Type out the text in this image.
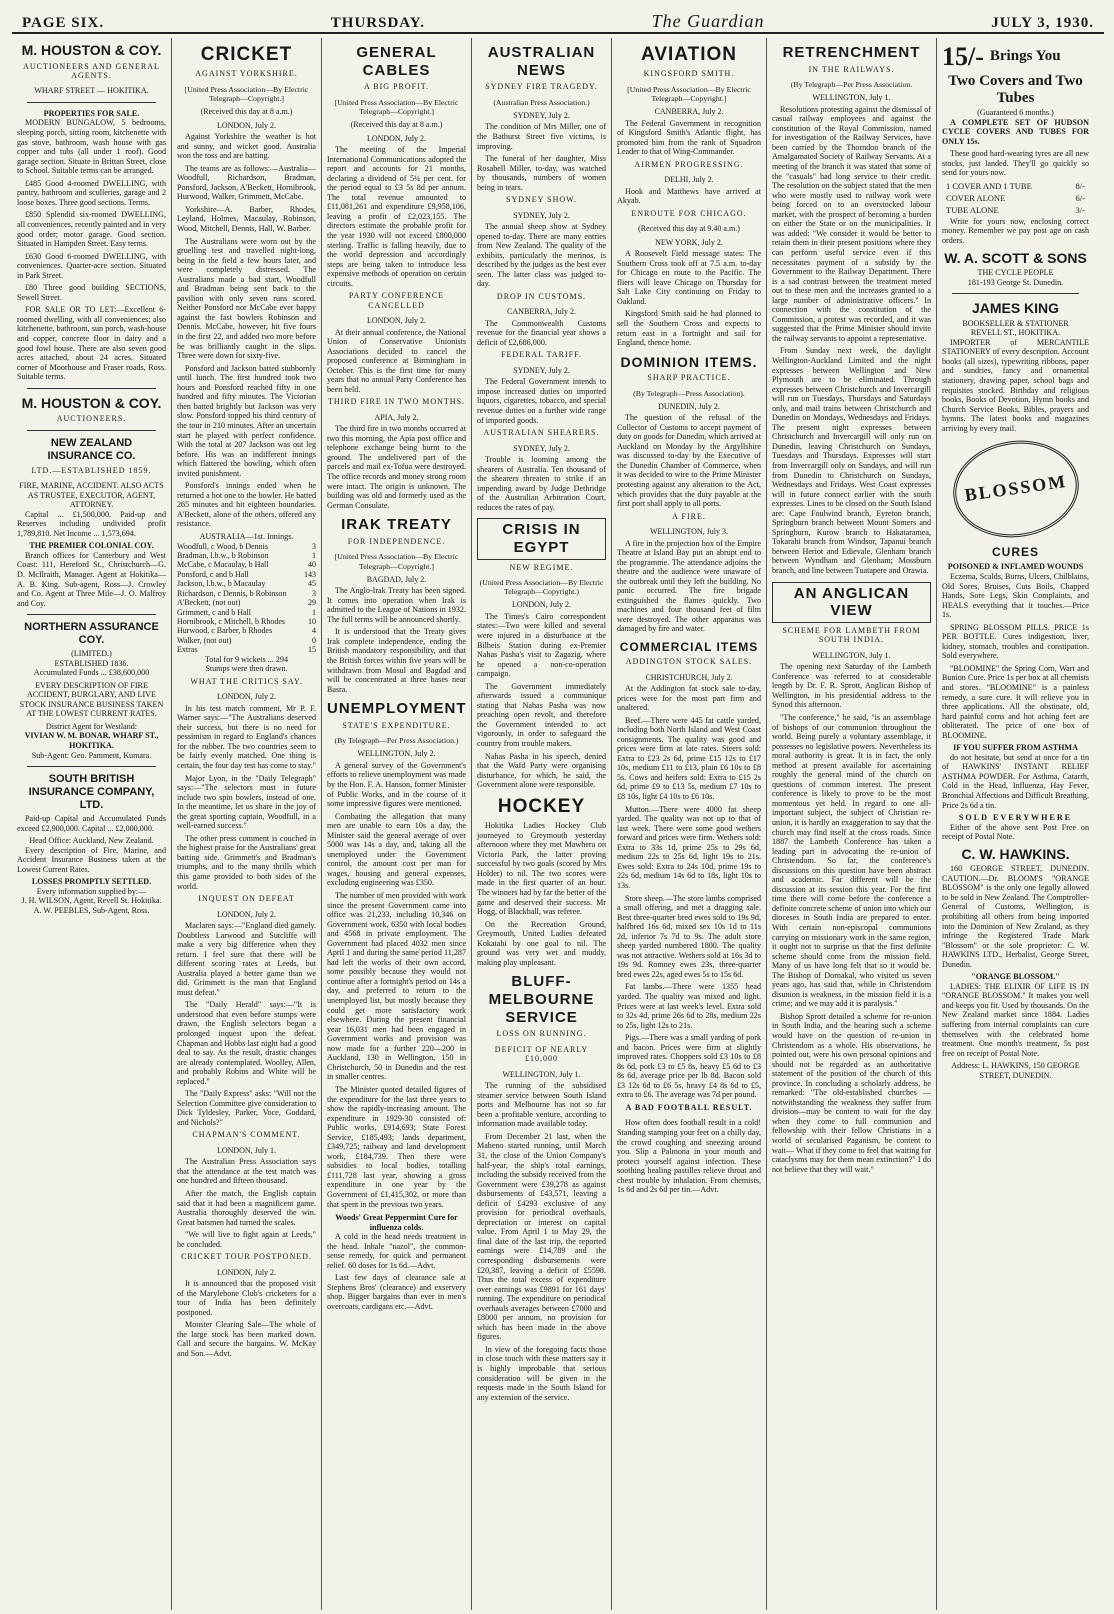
PAGE SIX.	THURSDAY.	The Guardian	JULY 3, 1930.
M. HOUSTON & COY.
AUCTIONEERS AND GENERAL AGENTS.
WHARF STREET — HOKITIKA.
PROPERTIES FOR SALE.

MODERN BUNGALOW, 5 bedrooms, sleeping porch, sitting room, kitchenette with gas stove, bathroom, wash house with gas copper and tubs (all under 1 roof). Good garage section. Situate in Brittan Street, close to School. Suitable terms can be arranged.

£485 Good 4-roomed DWELLING, with pantry, bathroom and sculleries, garage and 2 loose boxes. Three good sections. Terms.

£850 Splendid six-roomed DWELLING, all conveniences, recently painted and in very good order; motor garage. Good section. Situated in Hampden Street. Easy terms.

£630 Good 6-roomed DWELLING, with conveniences. Quarter-acre section. Situated in Park Street.

£80 Three good building SECTIONS, Sewell Street.

FOR SALE OR TO LET:—Excellent 6-roomed dwelling, with all conveniences; also kitchenette, bathroom, sun porch, wash-house and copper, concrete floor in dairy and a good fowl house. There are also seven good acres attached, about 24 acres. Situated corner of Moorhouse and Fraser roads, Ross. Suitable terms.

M. HOUSTON & COY.
AUCTIONEERS.
NEW ZEALAND INSURANCE CO.
LTD.—ESTABLISHED 1859.
FIRE, MARINE, ACCIDENT. ALSO ACTS AS TRUSTEE, EXECUTOR, AGENT, ATTORNEY.

Capital ... £1,500,000. Paid-up and Reserves including undivided profit 1,789,810. Net Income ... 1,573,694.

THE PREMIER COLONIAL COY.

Branch offices for Canterbury and West Coast: 111, Hereford St., Christchurch—G. D. McIlraith, Manager. Agent at Hokitika—A. B. King. Sub-agent, Ross—J. Crowley and Co. Agent at Three Mile—J. O. Malfroy and Coy.

NORTHERN ASSURANCE COY.
(LIMITED.)
ESTABLISHED 1836.
Accumulated Funds ... £38,600,000
EVERY DESCRIPTION OF FIRE ACCIDENT, BURGLARY, AND LIVE STOCK INSURANCE BUSINESS TAKEN AT THE LOWEST CURRENT RATES.
District Agent for Westland:
VIVIAN W. M. BONAR, WHARF ST., HOKITIKA.
Sub-Agent: Geo. Pamment, Kumara.
SOUTH BRITISH INSURANCE COMPANY, LTD.

Paid-up Capital and Accumulated Funds exceed £2,900,000. Capital ... £2,000,000.

Head Office: Auckland, New Zealand.

Every description of Fire, Marine, and Accident Insurance Business taken at the Lowest Current Rates.

LOSSES PROMPTLY SETTLED.
Every information supplied by:—
J. H. WILSON, Agent, Revell St. Hokitika.
A. W. PEEBLES, Sub-Agent, Ross.
CRICKET
AGAINST YORKSHIRE.
[United Press Association—By Electric Telegraph—Copyright.]
(Received this day at 8 a.m.)
LONDON, July 2.

Against Yorkshire the weather is hot and sunny, and wicket good. Australia won the toss and are batting.

The teams are as follows:—Australia—Woodfull, Richardson, Bradman, Ponsford, Jackson, A'Beckett, Hornibrook, Hurwood, Walker, Grimmett, McCabe.

Yorkshire—A. Barber, Rhodes, Leyland, Holmes, Macaulay, Robinson, Wood, Mitchell, Dennis, Hall, W. Barber.

The Australians were worn out by the gruelling test and travelled night-long, being in the field a few hours later, and were completely distressed. The Australians made a bad start, Woodfull and Bradman being sent back to the pavilion with only seven runs scored. Neither Ponsford nor McCabe ever happy against the fast bowlers Robinson and Dennis. McCabe, however, hit five fours in the first 22, and added two more before he was brilliantly caught in the slips. Three were down for sixty-five.

Ponsford and Jackson batted stubbornly until lunch. The first hundred took two hours and Ponsford reached fifty in one hundred and fifty minutes. The Victorian then batted brightly but Jackson was very slow. Ponsford topped his third century of the tour in 210 minutes. After an uncertain start he played with perfect confidence. With the total at 207 Jackson was out leg before. His was an indifferent innings which flattered the bowling, which often invited punishment.

Ponsford's innings ended when he returned a hot one to the bowler. He batted 265 minutes and hit eighteen boundaries. A'Beckett, alone of the others, offered any resistance.

AUSTRALIA—1st. Innings.
Woodfull, c Wood, b Dennis	3
Bradman, l.b.w., b Robinson	1
McCabe, c Macaulay, b Hall	40
Ponsford, c and b Hall	143
Jackson, l.b.w., b Macaulay	45
Richardson, c Dennis, b Robinson	3
A'Beckett, (not out)	29
Grimmett, c and b Hall	1
Hornibrook, c Mitchell, b Rhodes	10
Hurwood, c Barber, b Rhodes	4
Walker, (not out)	0
Extras	15
Total for 9 wickets ... 294
Stumps were then drawn.
WHAT THE CRITICS SAY.
LONDON, July 2.

In his test match comment, Mr P. F. Warner says:—"The Australians deserved their success, but there is no need for pessimism in regard to England's chances for the rubber. The two countries seem to be fairly evenly matched. One thing is certain, the four day test has come to stay."

Major Lyon, in the "Daily Telegraph" says:—"The selectors must in future include two spin bowlers, instead of one. In the meantime, let us share in the joy of the great sporting captain, Woodfull, in a well-earned success."

The other press comment is couched in the highest praise for the Australians' great batting side. Grimmett's and Bradman's triumphs, and to the many thrills which this game provided to both sides of the world.

INQUEST ON DEFEAT
LONDON, July 2.

Maclaren says:—"England died gamely. Doubtless Larwood and Sutcliffe will make a very big difference when they return. I feel sure that there will be different scoring rates at Leeds, but Australia played a better game than we did. Grimmett is the man that England must defeat."

The "Daily Herald" says:—"It is understood that even before stumps were drawn, the English selectors began a prolonged inquest upon the defeat. Chapman and Hobbs last night had a good deal to say. As the result, drastic changes are already contemplated. Woolley, Allen, and probably Robins and White will be replaced."

The "Daily Express" asks: "Will not the Selection Committee give consideration to Dick Tyldesley, Parker, Voce, Goddard, and Nichols?"

CHAPMAN'S COMMENT.
LONDON, July 1.

The Australian Press Association says that the attendance at the test match was one hundred and fifteen thousand.

After the match, the English captain said that it had been a magnificent game. Australia thoroughly deserved the win. Great batsmen had turned the scales.

"We will live to fight again at Leeds," he concluded.

CRICKET TOUR POSTPONED.
LONDON, July 2.

It is announced that the proposed visit of the Marylebone Club's cricketers for a tour of India has been definitely postponed.

Monster Clearing Sale—The whole of the large stock has been marked down. Call and secure the bargains. W. McKay and Son.—Advt.

GENERAL CABLES
A BIG PROFIT.
[United Press Association—By Electric Telegraph—Copyright.]
(Received this day at 8 a.m.)
LONDON, July 2.

The meeting of the Imperial International Communications adopted the report and accounts for 21 months, declaring a dividend of 5¼ per cent. for the period equal to £3 5s 8d per annum. The total revenue amounted to £11,081,261 and expenditure £9,958,106, leaving a profit of £2,023,155. The directors estimate the probable profit for the year 1930 will not exceed £800,000 sterling. Traffic is falling heavily, due to the world depression and accordingly steps are being taken to introduce less expensive methods of operation on certain circuits.

PARTY CONFERENCE CANCELLED
LONDON, July 2.

At their annual conference, the National Union of Conservative Unionists Associations decided to cancel the proposed conference at Birmingham in October. This is the first time for many years that no annual Party Conference has been held.

THIRD FIRE IN TWO MONTHS.
APIA, July 2.

The third fire in two months occurred at two this morning, the Apia post office and telephone exchange being burnt to the ground. The undelivered part of the parcels and mail ex-Tofua were destroyed. The office records and money strong room were intact. The origin is unknown. The building was old and formerly used as the German Consulate.

IRAK TREATY
FOR INDEPENDENCE.
[United Press Association—By Electric Telegraph—Copyright.]
BAGDAD, July 2.

The Anglo-Irak Treaty has been signed. It comes into operation when Irak is admitted to the League of Nations in 1932. The full terms will be announced shortly.

It is understood that the Treaty gives Irak complete independence, ending the British mandatory responsibility, and that the British forces within five years will be withdrawn from Mosul and Bagdad and will be concentrated at three bases near Basra.

UNEMPLOYMENT
STATE'S EXPENDITURE.
(By Telegraph—Per Press Association.)
WELLINGTON, July 2.

A general survey of the Government's efforts to relieve unemployment was made by the Hon. F. A. Hanson, former Minister of Public Works, and in the course of it some impressive figures were mentioned.

Combating the allegation that many men are unable to earn 10s a day, the Minister said the general average of over 5000 was 14s a day, and, taking all the unemployed under the Government control, the amount cost per man for wages, housing and general expenses, excluding engineering was £350.

The number of men provided with work since the present Government came into office was 21,233, including 10,346 on Government work, 6350 with local bodies and 4568 in private employment. The Government had placed 4032 men since April 1 and during the same period 11,287 had left the works of their own accord, some possibly because they would not continue after a fortnight's period on 14s a day, and preferred to return to the unemployed list, but mostly because they could get more satisfactory work elsewhere. During the present financial year 16,031 men had been engaged in Government works and provision was now made for a further 220—200 in Auckland, 130 in Wellington, 150 in Christchurch, 50 in Dunedin and the rest in smaller centres.

The Minister quoted detailed figures of the expenditure for the last three years to show the rapidly-increasing amount. The expenditure in 1929-30 consisted of: Public works, £914,693; State Forest Service, £185,493; lands department, £349,725; railway and land development work, £184,739. Then there were subsidies to local bodies, totalling £111,728 last year, showing a gross expenditure in one year by the Government of £1,415,302, or more than that spent in the previous two years.

Woods' Great Peppermint Cure for influenza colds.

A cold in the head needs treatment in the head. Inhale "nazol", the common-sense remedy, for quick and permanent relief. 60 doses for 1s 6d.—Advt.

Last few days of clearance sale at Stephens Bros' (clearance) and exservery shop. Bigger bargains than ever in men's overcoats, cardigans etc.—Advt.

AUSTRALIAN NEWS
SYDNEY FIRE TRAGEDY.
(Australian Press Association.)
SYDNEY, July 2.

The condition of Mrs Miller, one of the Bathurst Street five victims, is improving.

The funeral of her daughter, Miss Rosabell Miller, to-day, was watched by thousands, numbers of women being in tears.

SYDNEY SHOW.
SYDNEY, July 2.

The annual sheep show at Sydney opened to-day. There are many entries from New Zealand. The quality of the exhibits, particularly the merinos, is described by the judges as the best ever seen. The latter class was judged to-day.

DROP IN CUSTOMS.
CANBERRA, July 2.

The Commonwealth Customs revenue for the financial year shows a deficit of £2,686,000.

FEDERAL TARIFF.
SYDNEY, July 2.

The Federal Government intends to impose increased duties on imported liquors, cigarettes, tobacco, and special revenue duties on a further wide range of imported goods.

AUSTRALIAN SHEARERS.
SYDNEY, July 2.

Trouble is looming among the shearers of Australia. Ten thousand of the shearers threaten to strike if an impending award by Judge Dethridge of the Australian Arbitration Court, reduces the rates of pay.

CRISIS IN EGYPT
NEW REGIME.
(United Press Association—By Electric Telegraph—Copyright.)
LONDON, July 2.

The Times's Cairo correspondent states:—Two were killed and several were injured in a disturbance at the Bilbeis Station during ex-Premier Nahas Pasha's visit to Zagazig, where he opened a non-co-operation campaign.

The Government immediately afterwards issued a communique stating that Nahas Pasha was now preaching open revolt, and therefore the Government intended to act vigorously, in order to safeguard the country from trouble makers.

Nahas Pasha in his speech, denied that the Wafd Party were organising disturbance, for which, he said, the Government alone were responsible.

HOCKEY

Hokitika Ladies Hockey Club journeyed to Greymouth yesterday afternoon where they met Mawhera on Victoria Park, the latter proving successful by two goals (scored by Mrs Holder) to nil. The two scores were made in the first quarter of an hour. The winners had by far the better of the game and deserved their success. Mr Hogg, of Blackball, was referee.

On the Recreation Ground, Greymouth, United Ladies defeated Kokatahi by one goal to nil. The ground was very wet and muddy, making play unpleasant.

BLUFF-MELBOURNE SERVICE
LOSS ON RUNNING.
DEFICIT OF NEARLY £10,000
WELLINGTON, July 1.

The running of the subsidised steamer service between South Island ports and Melbourne has not so far been a profitable venture, according to information made available today.

From December 21 last, when the Maheno started running, until March 31, the close of the Union Company's half-year, the ship's total earnings, including the subsidy received from the Government were £39,278 as against disbursements of £43,571, leaving a deficit of £4293 exclusive of any provision for periodical overhauls, depreciation or interest on capital value. From April 1 to May 29, the final date of the last trip, the reported earnings were £14,789 and the corresponding disbursements were £20,387, leaving a deficit of £5598. Thus the total excess of expenditure over earnings was £9891 for 161 days' running. The expenditure on periodical overhauls averages between £7000 and £8000 per annum, no provision for which has been made in the above figures.

In view of the foregoing facts those in close touch with these matters say it is highly improbable that serious consideration will be given in the requests made in the South Island for any extension of the service.

AVIATION
KINGSFORD SMITH.
[United Press Association—By Electric Telegraph—Copyright.]
CANBERRA, July 2.

The Federal Government in recognition of Kingsford Smith's Atlantic flight, has promoted him from the rank of Squadron Leader to that of Wing-Commander.

AIRMEN PROGRESSING.
DELHI, July 2.

Hook and Matthews have arrived at Akyab.

ENROUTE FOR CHICAGO.
(Received this day at 9.40 a.m.)
NEW YORK, July 2.

A Roosevelt Field message states: The Southern Cross took off at 7.5 a.m. to-day for Chicago en route to the Pacific. The fliers will leave Chicago on Thursday for Salt Lake City continuing on Friday to Oakland.

Kingsford Smith said he had planned to sell the Southern Cross and expects to return east in a fortnight and sail for England, thence home.

DOMINION ITEMS.
SHARP PRACTICE.
(By Telegraph—Press Association).
DUNEDIN, July 2.

The question of the refusal of the Collector of Customs to accept payment of duty on goods for Dunedin, which arrived at Auckland on Monday by the Argyllshire was discussed to-day by the Executive of the Dunedin Chamber of Commerce, when it was decided to wire to the Prime Minister protesting against any alteration to the Act, which provides that the duty payable at the first port shall apply to all ports.

A FIRE.
WELLINGTON, July 3.

A fire in the projection box of the Empire Theatre at Island Bay put an abrupt end to the programme. The attendance adjoins the theatre and the audience were unaware of the outbreak until they left the building. No panic occurred. The fire brigade extinguished the flames quickly. Two machines and four thousand feet of film were destroyed. The other apparatus was damaged by fire and water.

COMMERCIAL ITEMS
ADDINGTON STOCK SALES.
CHRISTCHURCH, July 2.

At the Addington fat stock sale to-day, prices were for the most part firm and unaltered.

Beef.—There were 445 fat cattle yarded, including both North Island and West Coast consignments. The quality was good and prices were firm at late rates. Steers sold: Extra to £23 2s 6d, prime £15 12s to £17 10s, medium £11 to £13, plain £6 10s to £8 5s. Cows and heifers sold: Extra to £15 2s 6d, prime £9 to £13 5s, medium £7 10s to £8 10s, light £4 10s to £6 10s.

Mutton.—There were 4000 fat sheep yarded. The quality was not up to that of last week. There were some good wethers forward and prices were firm. Wethers sold: Extra to 33s 1d, prime 25s to 29s 6d, medium 22s to 25s 6d, light 19s to 21s. Ewes sold: Extra to 24s 10d, prime 19s to 22s 6d, medium 14s 6d to 18s, light 10s to 13s.

Store sheep.—The store lambs comprised a small offering, and met a dragging sale. Best three-quarter bred ewes sold to 19s 9d, halfbred 16s 6d, mixed sex 10s 1d to 11s 2d, inferior 7s 7d to 9s. The adult store sheep yarded numbered 1800. The quality was not attractive. Wethers sold at 16s 3d to 19s 9d. Romney ewes 23s, three-quarter bred ewes 22s, aged ewes 5s to 15s 6d.

Fat lambs.—There were 1355 head yarded. The quality was mixed and light. Prices were at last week's level. Extra sold to 32s 4d, prime 26s 6d to 28s, medium 22s to 25s, light 12s to 21s.

Pigs.—There was a small yarding of pork and bacon. Prices were firm at slightly improved rates. Choppers sold £3 10s to £8 8s 6d, pork £3 to £5 8s, heavy £5 6d to £3 8s 6d, average price per lb 8d. Bacon sold £3 12s 6d to £6 5s, heavy £4 8s 6d to £5, extra to £6. The average was 7d per pound.

A BAD FOOTBALL RESULT.

How often does football result in a cold! Standing stamping your feet on a chilly day, the crowd coughing and sneezing around you. Slip a Palmona in your mouth and protect yourself against infection. These soothing healing pastilles relieve throat and chest trouble by inhalation. From chemists, 1s 6d and 2s 6d per tin.—Advt.

RETRENCHMENT
IN THE RAILWAYS.
(By Telegraph—Per Press Association.
WELLINGTON, July 1.

Resolutions protesting against the dismissal of casual railway employees and against the constitution of the Royal Commission, named for investigation of the Railway Services, have been carried by the Thorndon branch of the Amalgamated Society of Railway Servants. At a meeting of the branch it was stated that some of the "casuals" had long service to their credit. The resolution on the subject stated that the men who were mostly used to railway work were being forced on to an overstocked labour market, with the prospect of becoming a burden on either the State or on the municipalities. It was added: "We consider it would be better to retain them in their present positions where they can perform useful service even if this necessitates payment of a subsidy by the Government to the Railway Department. There is a sad contrast between the treatment meted out to these men and the increases granted to a large number of administrative officers." In connection with the constitution of the Commission, a protest was recorded, and it was suggested that the Prime Minister should invite the railway servants to appoint a representative.

From Sunday next week, the daylight Wellington-Auckland Limited and the night expresses between Wellington and New Plymouth are to be eliminated. Through expresses between Christchurch and Invercargill will run on Tuesdays, Thursdays and Saturdays only, and mail trains between Christchurch and Dunedin on Mondays, Wednesdays and Fridays. The present night expresses between Christchurch and Invercargill will only run on Dunedin, leaving Christchurch on Sundays, Tuesdays and Thursdays. Expresses will start from Invercargill only on Sundays, and will run from Dunedin to Christchurch on Sundays, Wednesdays and Fridays. West Coast expresses will in future connect earlier with the south expresses. Lines to be closed on the South Island are: Cape Foulwind branch, Eyreton branch, Springburn branch between Mount Somers and Springburn, Kurow branch to Hakataramea, Tokarahi branch from Windsor, Tapanui branch between Heriot and Edievale, Glenham branch between Wyndham and Glenham; Mossburn branch, and line between Tuatapere and Orawia.

AN ANGLICAN VIEW
SCHEME FOR LAMBETH FROM SOUTH INDIA.
WELLINGTON, July 1.

The opening next Saturday of the Lambeth Conference was referred to at considerable length by Dr. F. R. Sprott, Anglican Bishop of Wellington, in his presidential address to the Synod this afternoon.

"The conference," he said, "is an assemblage of bishops of our communion throughout the world. Being purely a voluntary assemblage, it possesses no legislative powers. Nevertheless its moral authority is great. It is in fact, the only method at present available for ascertaining roughly the general mind of the church on questions of common interest. The present conference is likely to prove to be the most momentous yet held. In regard to one all-important subject, the subject of Christian re-union, it is hardly an exaggeration to say that the church may find itself at the cross roads. Since 1887 the Lambeth Conference has taken a leading part in advocating the re-union of Christendom. So far, the conference's discussions on this question have been abstract and academic. Far different will be the discussion at its session this year. For the first time there will come before the conference a definite concrete scheme of union into which our dioceses in South India are prepared to enter. With certain non-episcopal communions carrying on missionary work in the same region, it ought not to surprise us that the first definite scheme should come from the mission field. Many of us have long felt that so it would be. The Bishop of Dornakal, who visited us seven years ago, has said that, while in Christendom disunion is weakness, in the mission field it is a crime; and we may add it is paralysis."

Bishop Sprott detailed a scheme for re-union in South India, and the hearing such a scheme would have on the question of re-union in Christendom as a whole. His observations, he pointed out, were his own personal opinions and should not be regarded as an authoritative statement of the position of the church of this province. In concluding a scholarly address, he remarked: "The old-established churches —notwithstanding the weakness they suffer from division—may be content to wait for the day when they come to full communion and fellowship with their fellow Christians in a world of secularised Paganism, be content to wait— What if they come to feel that waiting for cataclysms may for them mean extinction?" I do not believe that they will wait."

15/- Brings You
Two Covers and Two Tubes
(Guaranteed 6 months.)

A COMPLETE SET OF HUDSON CYCLE COVERS AND TUBES FOR ONLY 15s.

These good hard-wearing tyres are all new stocks, just landed. They'll go quickly so send for yours now.

1 COVER AND 1 TUBE	8/-
COVER ALONE	6/-
TUBE ALONE	3/-

Write for yours now, enclosing correct money. Remember we pay post age on cash orders.

W. A. SCOTT & SONS
THE CYCLE PEOPLE
181-193 George St. Dunedin.
JAMES KING
BOOKSELLER & STATIONER
REVELL ST., HOKITIKA.

IMPORTER of MERCANTILE STATIONERY of every description. Account books (all sizes), typewriting ribbons, paper and sundries, fancy and ornamental stationery, drawing paper, school bags and requisites stocked. Birthday and religious books, Books of Devotion, Hymn books and Church Service Books, Bibles, prayers and hymns. The latest books and magazines arriving by every mail.

BLOSSOM
CURES
POISONED & INFLAMED WOUNDS

Eczema, Scalds, Burns, Ulcers, Chilblains, Old Sores, Bruises, Cuts Boils, Chapped Hands, Sore Legs, Skin Complaints, and HEALS everything that it touches.—Price 1s.

SPRING BLOSSOM PILLS. PRICE 1s PER BOTTLE. Cures indigestion, liver, kidney, stomach, troubles and constipation. Sold everywhere.

"BLOOMINE" the Spring Corn, Wart and Bunion Cure. Price 1s per box at all chemists and stores. "BLOOMINE" is a painless remedy, a sure cure. It will relieve you in three applications. All the obstinate, old, hard painful corns and hot aching feet are obliterated. The price of one box of BLOOMINE.

IF YOU SUFFER FROM ASTHMA

do not hesitate, but send at once for a tin of HAWKINS' INSTANT RELIEF ASTHMA POWDER. For Asthma, Catarrh, Cold in the Head, Influenza, Hay Fever, Bronchial Affections and Difficult Breathing. Price 2s 6d a tin.

SOLD EVERYWHERE

Either of the above sent Post Free on receipt of Postal Note.

C. W. HAWKINS.

160 GEORGE STREET, DUNEDIN. CAUTION.—Dr. BLOOM'S "ORANGE BLOSSOM" is the only one legally allowed to be sold in New Zealand. The Comptroller-General of Customs, Wellington, is prohibiting all others from being imported into the Dominion of New Zealand, as they infringe the Registered Trade Mark "Blossom" or the sole proprietor: C. W. HAWKINS LTD., Herbalist, George Street, Dunedin.

"ORANGE BLOSSOM."

LADIES: THE ELIXIR OF LIFE IS IN "ORANGE BLOSSOM." It makes you well and keeps you fit. Used by thousands. On the New Zealand market since 1884. Ladies suffering from internal complaints can cure themselves with the celebrated home treatment. One month's treatment, 5s post free on receipt of Postal Note.

Address: L. HAWKINS, 150 GEORGE STREET, DUNEDIN.
